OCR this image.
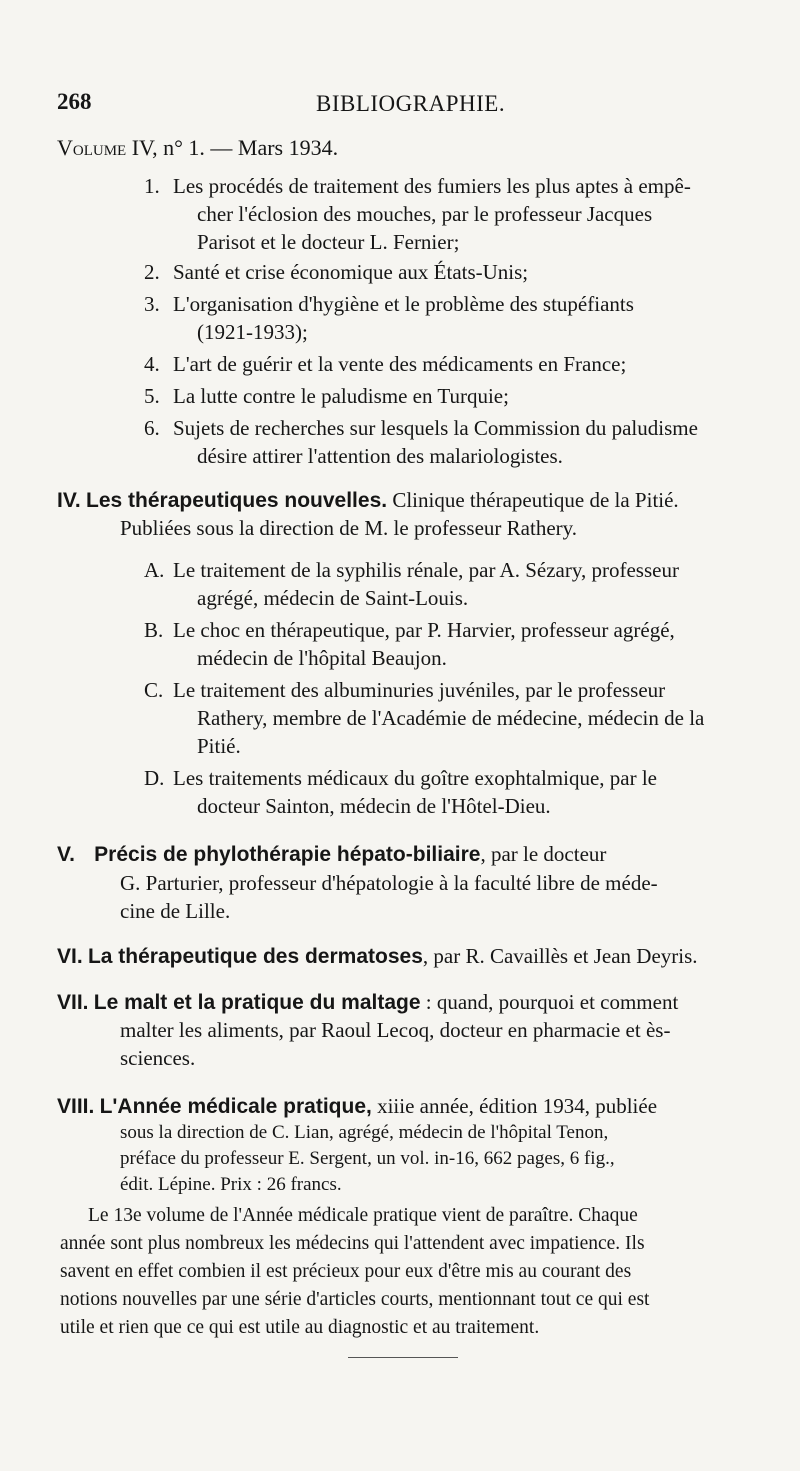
268	BIBLIOGRAPHIE.
Volume IV, n° 1. — Mars 1934.
1. Les procédés de traitement des fumiers les plus aptes à empê-
cher l'éclosion des mouches, par le professeur Jacques
Parisot et le docteur L. Fernier;
2. Santé et crise économique aux États-Unis;
3. L'organisation d'hygiène et le problème des stupéfiants
(1921-1933);
4. L'art de guérir et la vente des médicaments en France;
5. La lutte contre le paludisme en Turquie;
6. Sujets de recherches sur lesquels la Commission du paludisme
désire attirer l'attention des malariologistes.
IV. Les thérapeutiques nouvelles. Clinique thérapeutique de la Pitié.
Publiées sous la direction de M. le professeur Rathery.
A. Le traitement de la syphilis rénale, par A. Sézary, professeur
agrégé, médecin de Saint-Louis.
B. Le choc en thérapeutique, par P. Harvier, professeur agrégé,
médecin de l'hôpital Beaujon.
C. Le traitement des albuminuries juvéniles, par le professeur
Rathery, membre de l'Académie de médecine, médecin de la
Pitié.
D. Les traitements médicaux du goître exophtalmique, par le
docteur Sainton, médecin de l'Hôtel-Dieu.
V. Précis de phylothérapie hépato-biliaire, par le docteur
G. Parturier, professeur d'hépatologie à la faculté libre de méde-
cine de Lille.
VI. La thérapeutique des dermatoses, par R. Cavaillès et Jean Deyris.
VII. Le malt et la pratique du maltage : quand, pourquoi et comment
malter les aliments, par Raoul Lecoq, docteur en pharmacie et ès-
sciences.
VIII. L'Année médicale pratique, xiiie année, édition 1934, publiée
sous la direction de C. Lian, agrégé, médecin de l'hôpital Tenon,
préface du professeur E. Sergent, un vol. in-16, 662 pages, 6 fig.,
édit. Lépine. Prix : 26 francs.
Le 13e volume de l'Année médicale pratique vient de paraître. Chaque
année sont plus nombreux les médecins qui l'attendent avec impatience. Ils
savent en effet combien il est précieux pour eux d'être mis au courant des
notions nouvelles par une série d'articles courts, mentionnant tout ce qui est
utile et rien que ce qui est utile au diagnostic et au traitement.
